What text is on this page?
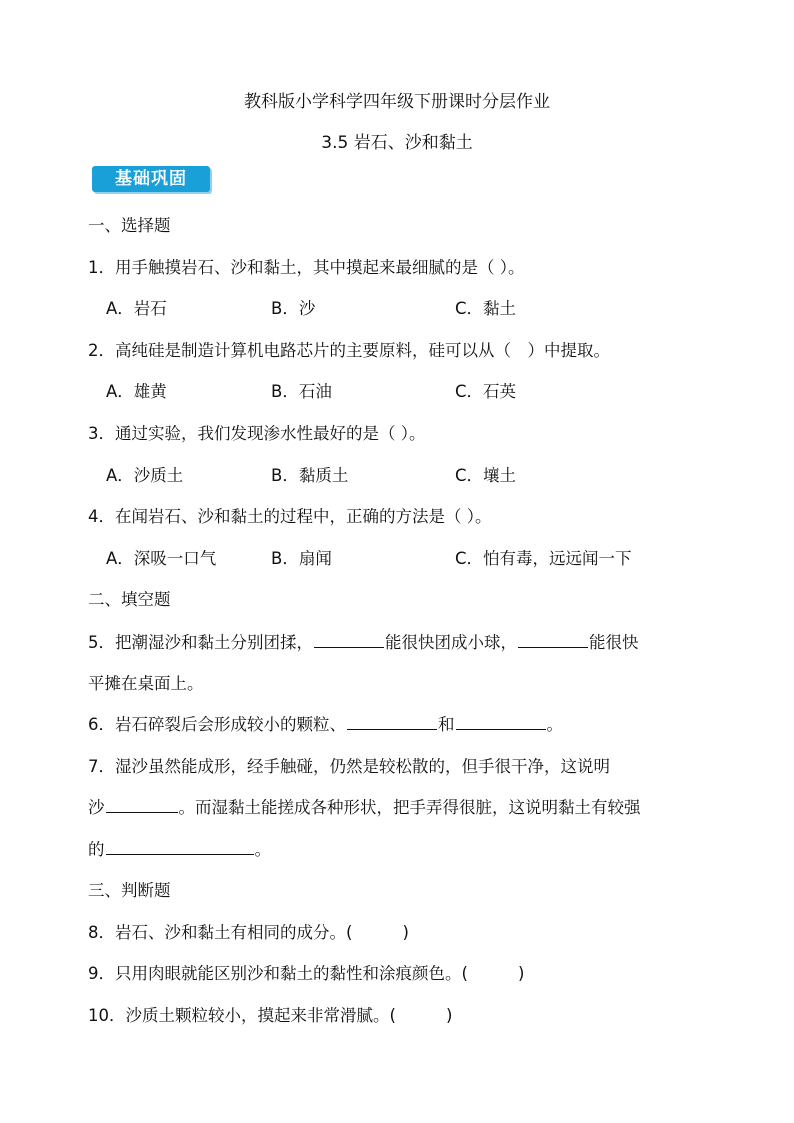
教科版小学科学四年级下册课时分层作业
3.5 岩石、沙和黏土
基础巩固
一、选择题
1．用手触摸岩石、沙和黏土，其中摸起来最细腻的是（ ）。
A．岩石	B．沙	C．黏土
2．高纯硅是制造计算机电路芯片的主要原料，硅可以从（　）中提取。
A．雄黄	B．石油	C．石英
3．通过实验，我们发现渗水性最好的是（ ）。
A．沙质土	B．黏质土	C．壤土
4．在闻岩石、沙和黏土的过程中，正确的方法是（ ）。
A．深吸一口气	B．扇闻	C．怕有毒，远远闻一下
二、填空题
5．把潮湿沙和黏土分别团揉，	能很快团成小球，	能很快
平摊在桌面上。
6．岩石碎裂后会形成较小的颗粒、	和	。
7．湿沙虽然能成形，经手触碰，仍然是较松散的，但手很干净，这说明
沙	。而湿黏土能搓成各种形状，把手弄得很脏，这说明黏土有较强
的	。
三、判断题
8．岩石、沙和黏土有相同的成分。(	)
9．只用肉眼就能区别沙和黏土的黏性和涂痕颜色。(	)
10．沙质土颗粒较小，摸起来非常滑腻。(	)
